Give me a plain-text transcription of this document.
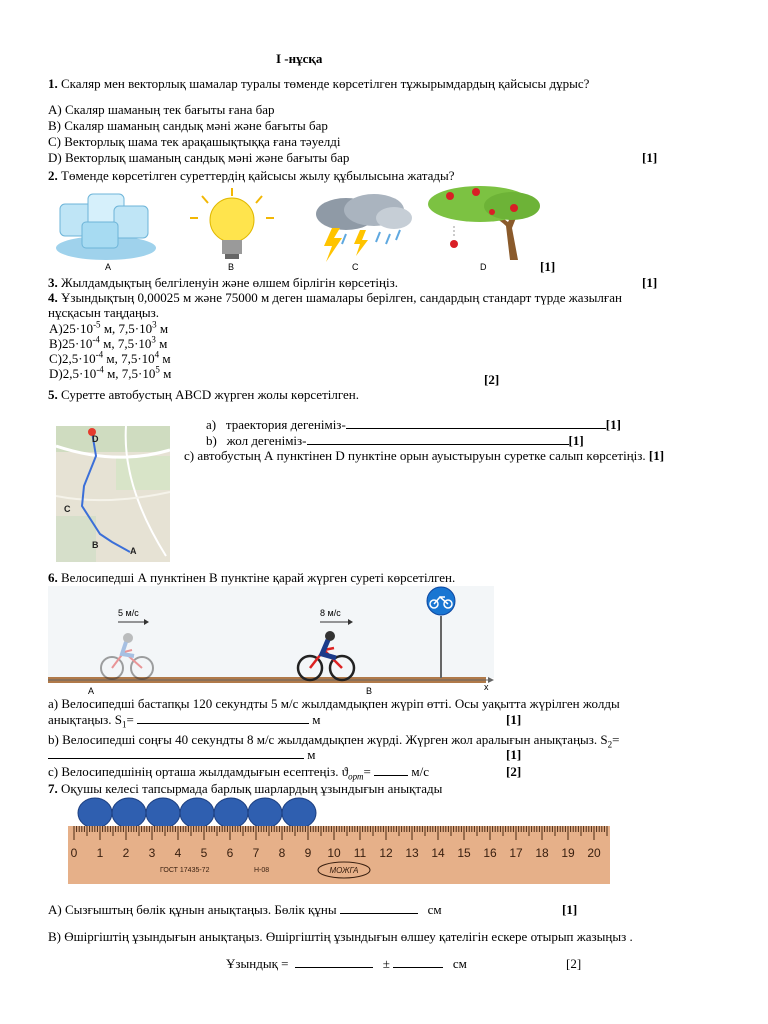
I -нұсқа
1. Скаляр мен векторлық шамалар туралы төменде көрсетілген тұжырымдардың қайсысы дұрыс?
A) Скаляр шаманың тек бағыты ғана бар
B) Скаляр шаманың сандық мәні және бағыты бар
C) Векторлық шама тек арақашықтыққа ғана тәуелді
D) Векторлық шаманың сандық мәні және бағыты бар	[1]
2. Төменде көрсетілген суреттердің қайсысы жылу құбылысына жатады?
A	B	C	D	[1]
3. Жылдамдықтың белгіленуін және өлшем бірлігін көрсетіңіз.	[1]
4. Ұзындықтың 0,00025 м және 75000 м деген шамалары берілген, сандардың стандарт түрде жазылған
нұсқасын таңдаңыз.
$A)25\cdot 10^{-5}$ м, $7,5\cdot 10^3$ м
$B)25\cdot 10^{-4}$ м, $7,5\cdot 10^3$ м
$C)2,5\cdot 10^{-4}$ м, $7,5\cdot 10^4$ м
$D)2,5\cdot 10^{-4}$ м, $7,5\cdot 10^5$ м	[2]
5. Суретте автобустың ABCD жүрген жолы көрсетілген.
D
C
B
A
a) траектория дегеніміз-	[1]
b) жол дегеніміз-	[1]
c) автобустың А пунктінен D пунктіне орын ауыстыруын суретке салып көрсетіңіз. [1]
6. Велосипедші А пунктінен В пунктіне қарай жүрген суреті көрсетілген.
5 м/с	8 м/с
A	B	x
a) Велосипедші бастапқы 120 секундты 5 м/с жылдамдықпен жүріп өтті. Осы уақытта жүрілген жолды
анықтаңыз. $S_1=$	м	[1]
b) Велосипедші соңғы 40 секундты 8 м/с жылдамдықпен жүрді. Жүрген жол аралығын анықтаңыз. $S_2=$
м	[1]
c) Велосипедшінің орташа жылдамдығын есептеңіз. $ϑ_{орт}=$	м/с	[2]
7. Оқушы келесі тапсырмада барлық шарлардың ұзындығын анықтады
0 1 2 3 4 5 6 7 8 9 10 11 12 13 14 15 16 17 18 19 20
ГОСТ 17435-72	Н-08	МОЖГА
A) Сызғыштың бөлік құнын анықтаңыз. Бөлік құны	см	[1]
B) Өшіргіштің ұзындығын анықтаңыз. Өшіргіштің ұзындығын өлшеу қателігін ескере отырып жазыңыз .
Ұзындық =	±	см	[2]
